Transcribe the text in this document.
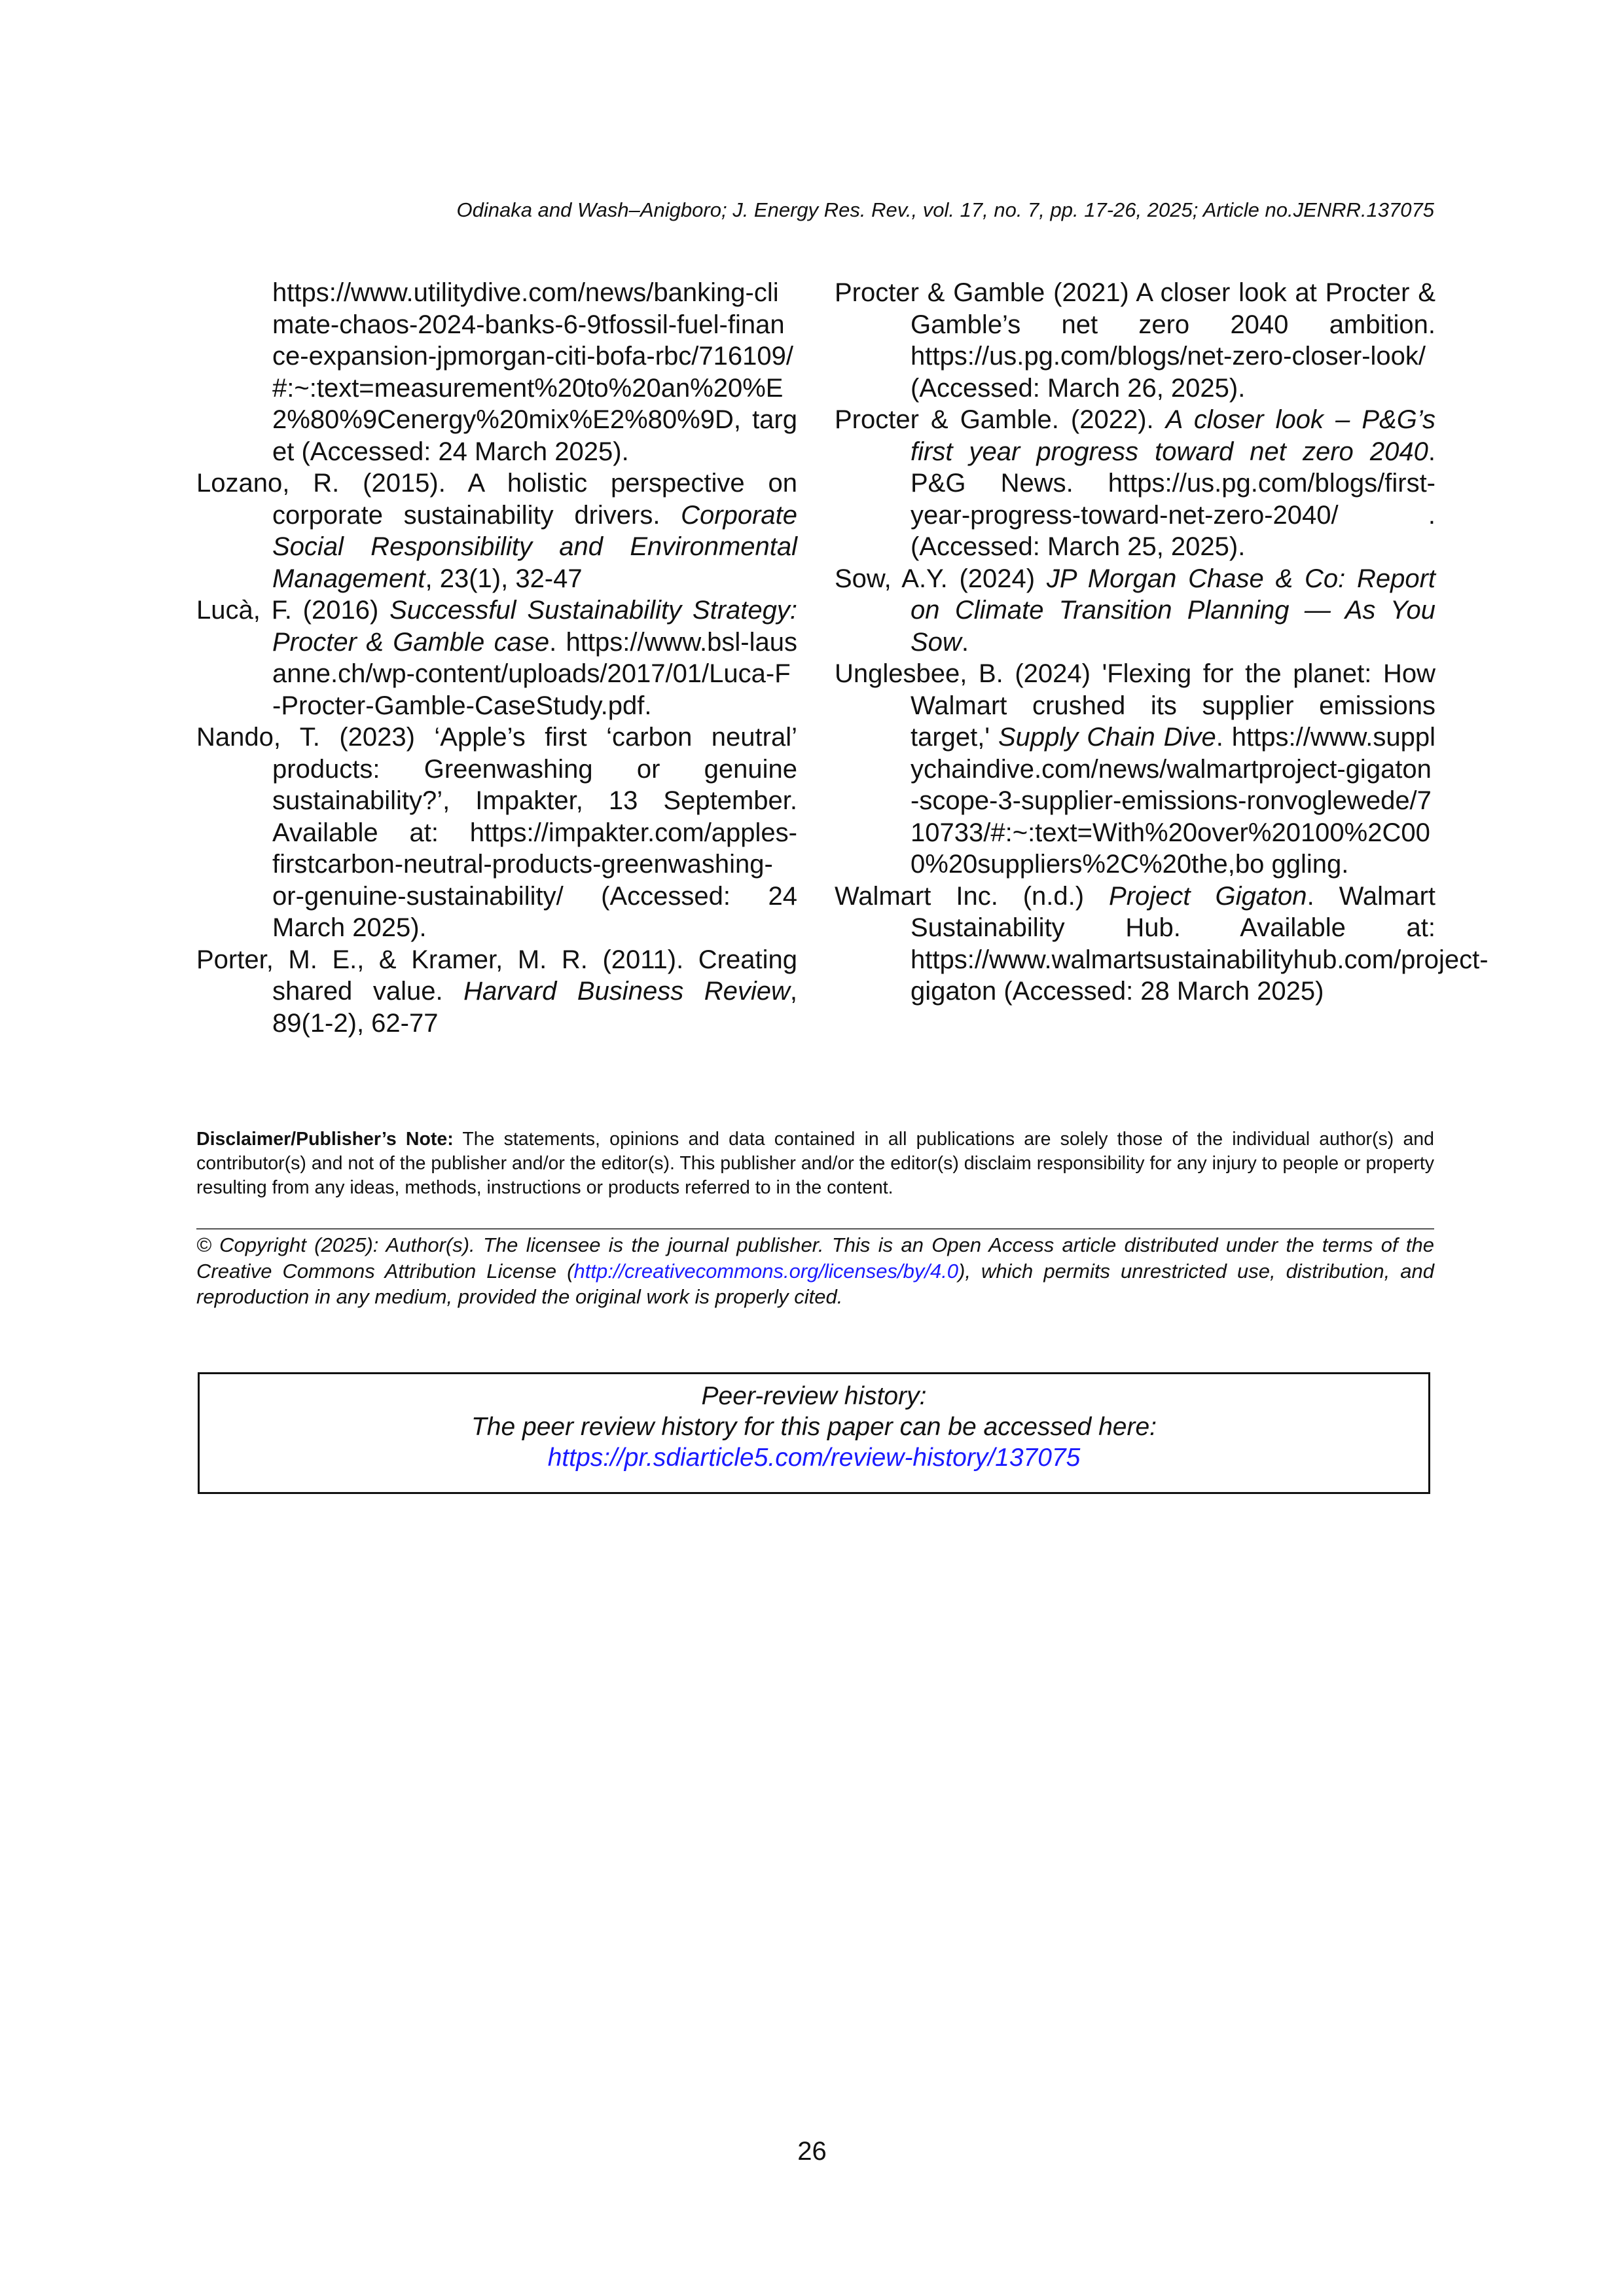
Odinaka and Wash–Anigboro; J. Energy Res. Rev., vol. 17, no. 7, pp. 17-26, 2025; Article no.JENRR.137075

https://www.utilitydive.com/news/banking-climate-chaos-2024-banks-6-9tfossil-fuel-finance-expansion-jpmorgan-citi-bofa-rbc/716109/#:~:text=measurement%20to%20an%20%E2%80%9Cenergy%20mix%E2%80%9D, target (Accessed: 24 March 2025).

Lozano, R. (2015). A holistic perspective on corporate sustainability drivers. Corporate Social Responsibility and Environmental Management, 23(1), 32-47

Lucà, F. (2016) Successful Sustainability Strategy: Procter & Gamble case. https://www.bsl-lausanne.ch/wp-content/uploads/2017/01/Luca-F-Procter-Gamble-CaseStudy.pdf.

Nando, T. (2023) ‘Apple’s first ‘carbon neutral’ products: Greenwashing or genuine sustainability?’, Impakter, 13 September. Available at: https://impakter.com/apples-firstcarbon-neutral-products-greenwashing-or-genuine-sustainability/ (Accessed: 24 March 2025).

Porter, M. E., & Kramer, M. R. (2011). Creating shared value. Harvard Business Review, 89(1-2), 62-77

Procter & Gamble (2021) A closer look at Procter & Gamble’s net zero 2040 ambition. https://us.pg.com/blogs/net-zero-closer-look/ (Accessed: March 26, 2025).

Procter & Gamble. (2022). A closer look – P&G’s first year progress toward net zero 2040. P&G News. https://us.pg.com/blogs/first-year-progress-toward-net-zero-2040/ .(Accessed: March 25, 2025).

Sow, A.Y. (2024) JP Morgan Chase & Co: Report on Climate Transition Planning — As You Sow.

Unglesbee, B. (2024) 'Flexing for the planet: How Walmart crushed its supplier emissions target,' Supply Chain Dive. https://www.supplychaindive.com/news/walmartproject-gigaton-scope-3-supplier-emissions-ronvoglewede/710733/#:~:text=With%20over%20100%2C000%20suppliers%2C%20the,bo ggling.

Walmart Inc. (n.d.) Project Gigaton. Walmart Sustainability Hub. Available at: https://www.walmartsustainabilityhub.com/project-gigaton (Accessed: 28 March 2025)

Disclaimer/Publisher’s Note: The statements, opinions and data contained in all publications are solely those of the individual author(s) and contributor(s) and not of the publisher and/or the editor(s). This publisher and/or the editor(s) disclaim responsibility for any injury to people or property resulting from any ideas, methods, instructions or products referred to in the content.
© Copyright (2025): Author(s). The licensee is the journal publisher. This is an Open Access article distributed under the terms of the Creative Commons Attribution License (http://creativecommons.org/licenses/by/4.0), which permits unrestricted use, distribution, and reproduction in any medium, provided the original work is properly cited.
Peer-review history:
The peer review history for this paper can be accessed here:
https://pr.sdiarticle5.com/review-history/137075
26
